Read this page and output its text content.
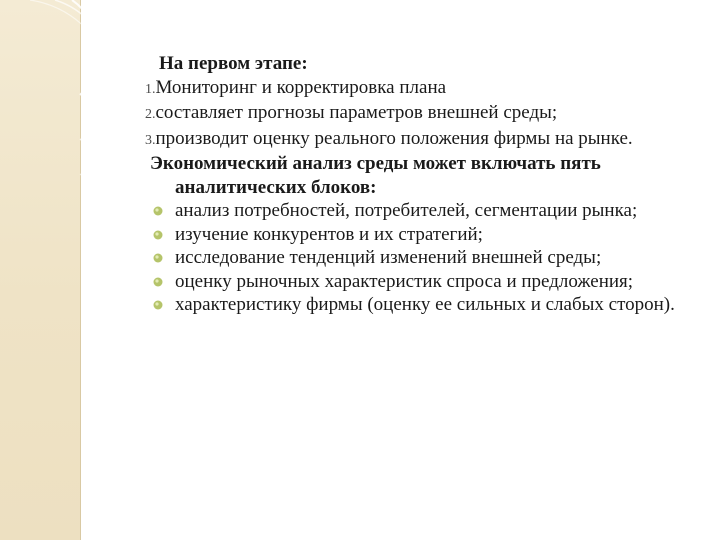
На первом этапе:
1.Мониторинг и корректировка плана
2.составляет прогнозы параметров внешней среды;
3.производит оценку реального положения фирмы на рынке.
Экономический анализ среды может включать пять аналитических блоков:
анализ потребностей, потребителей, сегментации рынка;
изучение конкурентов и их стратегий;
исследование тенденций изменений внешней среды;
оценку рыночных характеристик спроса и предложения;
характеристику фирмы (оценку ее сильных и слабых сторон).
